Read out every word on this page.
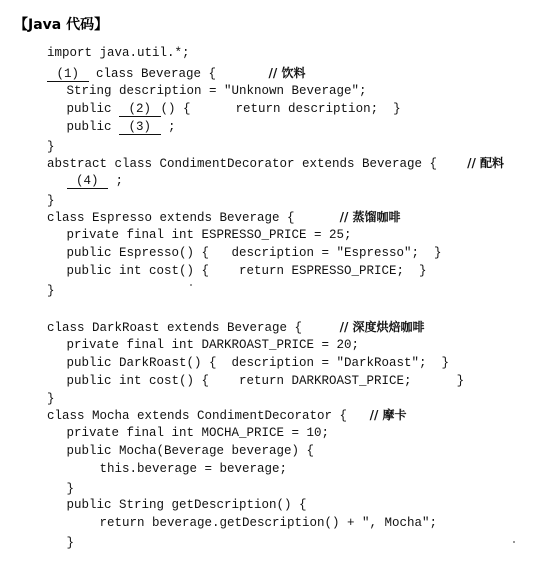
【Java 代码】
import java.util.*;
(1)  class Beverage {       // 饮料
String description = "Unknown Beverage";
public  (2) () {      return description;  }
public  (3)  ;
}
abstract class CondimentDecorator extends Beverage {    // 配料
(4)  ;
}
class Espresso extends Beverage {      // 蒸馏咖啡
private final int ESPRESSO_PRICE = 25;
public Espresso() {   description = "Espresso";  }
public int cost() {    return ESPRESSO_PRICE;  }
}
class DarkRoast extends Beverage {     // 深度烘焙咖啡
private final int DARKROAST_PRICE = 20;
public DarkRoast() {  description = "DarkRoast";  }
public int cost() {    return DARKROAST_PRICE;      }
}
class Mocha extends CondimentDecorator {   // 摩卡
private final int MOCHA_PRICE = 10;
public Mocha(Beverage beverage) {
this.beverage = beverage;
}
public String getDescription() {
return beverage.getDescription() + ", Mocha";
}
